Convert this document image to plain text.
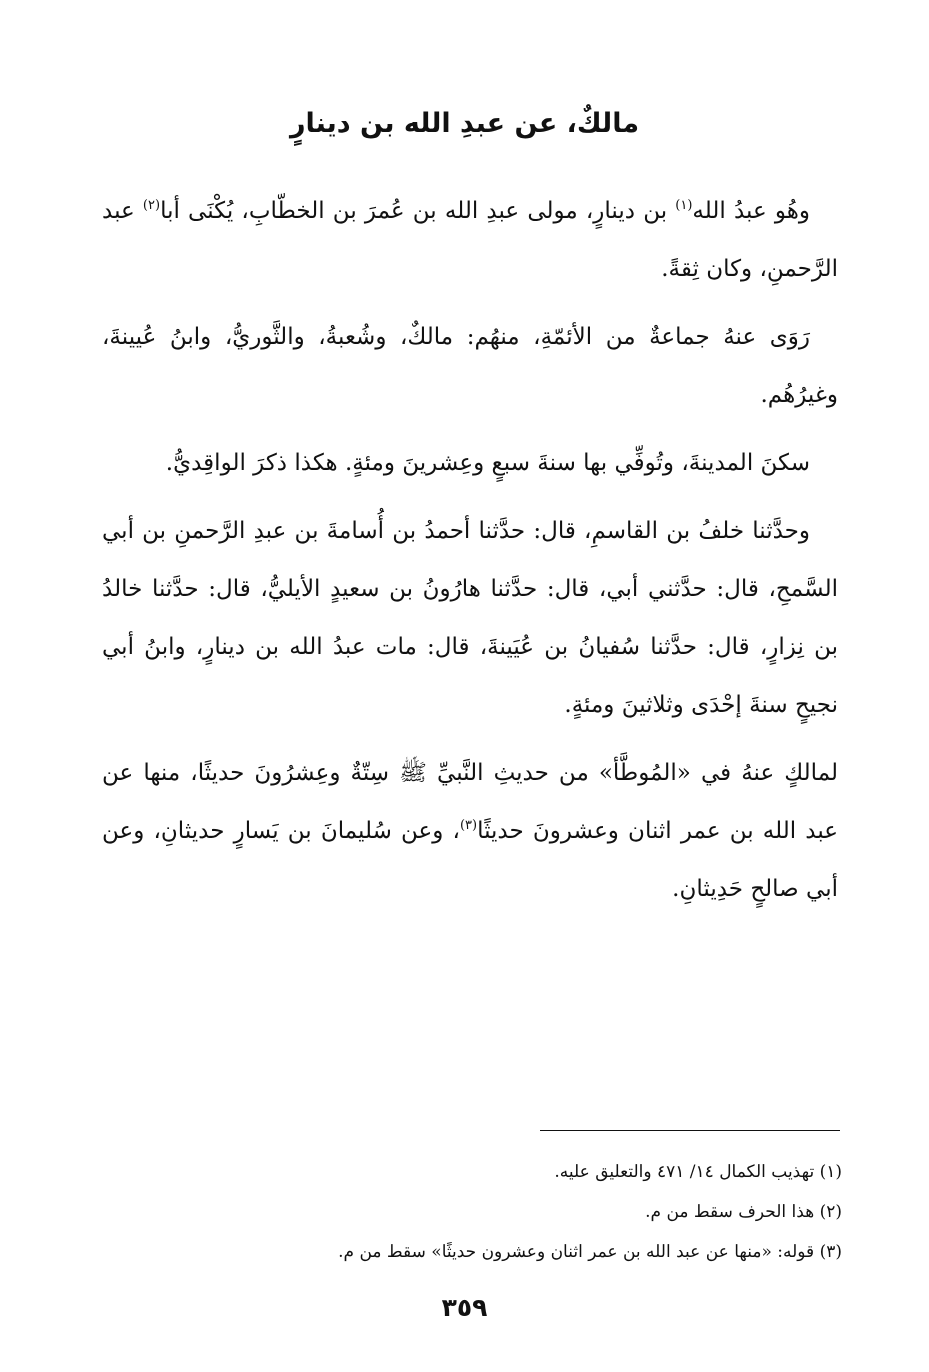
مالكٌ، عن عبدِ الله بن دينارٍ

وهُو عبدُ الله$^{(١)}$ بن دينارٍ، مولى عبدِ الله بن عُمرَ بن الخطّابِ، يُكْنَى أبا$^{(٢)}$ عبد الرَّحمنِ، وكان ثِقةً.

رَوَى عنهُ جماعةٌ من الأئمّةِ، منهُم: مالكٌ، وشُعبةُ، والثَّوريُّ، وابنُ عُيينةَ، وغيرُهُم.

سكنَ المدينةَ، وتُوفِّي بها سنةَ سبعٍ وعِشرينَ ومئةٍ. هكذا ذكرَ الواقِديُّ.

وحدَّثنا خلفُ بن القاسمِ، قال: حدَّثنا أحمدُ بن أُسامةَ بن عبدِ الرَّحمنِ بن أبي السَّمحِ، قال: حدَّثني أبي، قال: حدَّثنا هارُونُ بن سعيدٍ الأيليُّ، قال: حدَّثنا خالدُ بن نِزارٍ، قال: حدَّثنا سُفيانُ بن عُيَينةَ، قال: مات عبدُ الله بن دينارٍ، وابنُ أبي نجيحٍ سنةَ إحْدَى وثلاثينَ ومئةٍ.

لمالكٍ عنهُ في «المُوطَّأ» من حديثِ النَّبيِّ ﷺ سِتّةٌ وعِشرُونَ حديثًا، منها عن عبد الله بن عمر اثنان وعشرونَ حديثًا$^{(٣)}$، وعن سُليمانَ بن يَسارٍ حديثانِ، وعن أبي صالحٍ حَدِيثانِ.

(١) تهذيب الكمال ١٤/ ٤٧١ والتعليق عليه.

(٢) هذا الحرف سقط من م.

(٣) قوله: «منها عن عبد الله بن عمر اثنان وعشرون حديثًا» سقط من م.

٣٥٩
